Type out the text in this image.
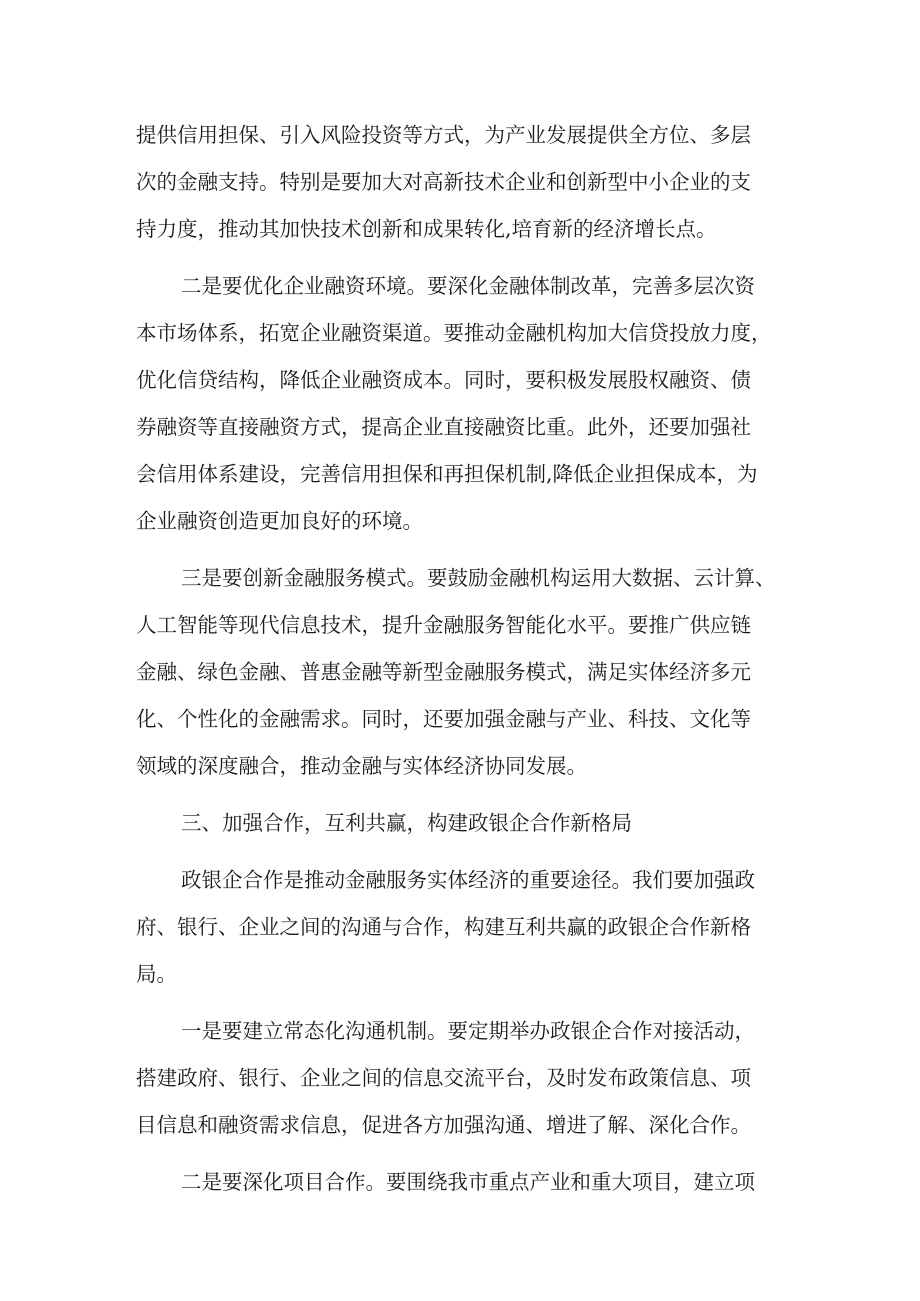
提供信用担保、引入风险投资等方式，为产业发展提供全方位、多层
次的金融支持。特别是要加大对高新技术企业和创新型中小企业的支
持力度，推动其加快技术创新和成果转化,培育新的经济增长点。
二是要优化企业融资环境。要深化金融体制改革，完善多层次资
本市场体系，拓宽企业融资渠道。要推动金融机构加大信贷投放力度，
优化信贷结构，降低企业融资成本。同时，要积极发展股权融资、债
券融资等直接融资方式，提高企业直接融资比重。此外，还要加强社
会信用体系建设，完善信用担保和再担保机制,降低企业担保成本，为
企业融资创造更加良好的环境。
三是要创新金融服务模式。要鼓励金融机构运用大数据、云计算、
人工智能等现代信息技术，提升金融服务智能化水平。要推广供应链
金融、绿色金融、普惠金融等新型金融服务模式，满足实体经济多元
化、个性化的金融需求。同时，还要加强金融与产业、科技、文化等
领域的深度融合，推动金融与实体经济协同发展。
三、加强合作，互利共赢，构建政银企合作新格局
政银企合作是推动金融服务实体经济的重要途径。我们要加强政
府、银行、企业之间的沟通与合作，构建互利共赢的政银企合作新格
局。
一是要建立常态化沟通机制。要定期举办政银企合作对接活动，
搭建政府、银行、企业之间的信息交流平台，及时发布政策信息、项
目信息和融资需求信息，促进各方加强沟通、增进了解、深化合作。
二是要深化项目合作。要围绕我市重点产业和重大项目，建立项
